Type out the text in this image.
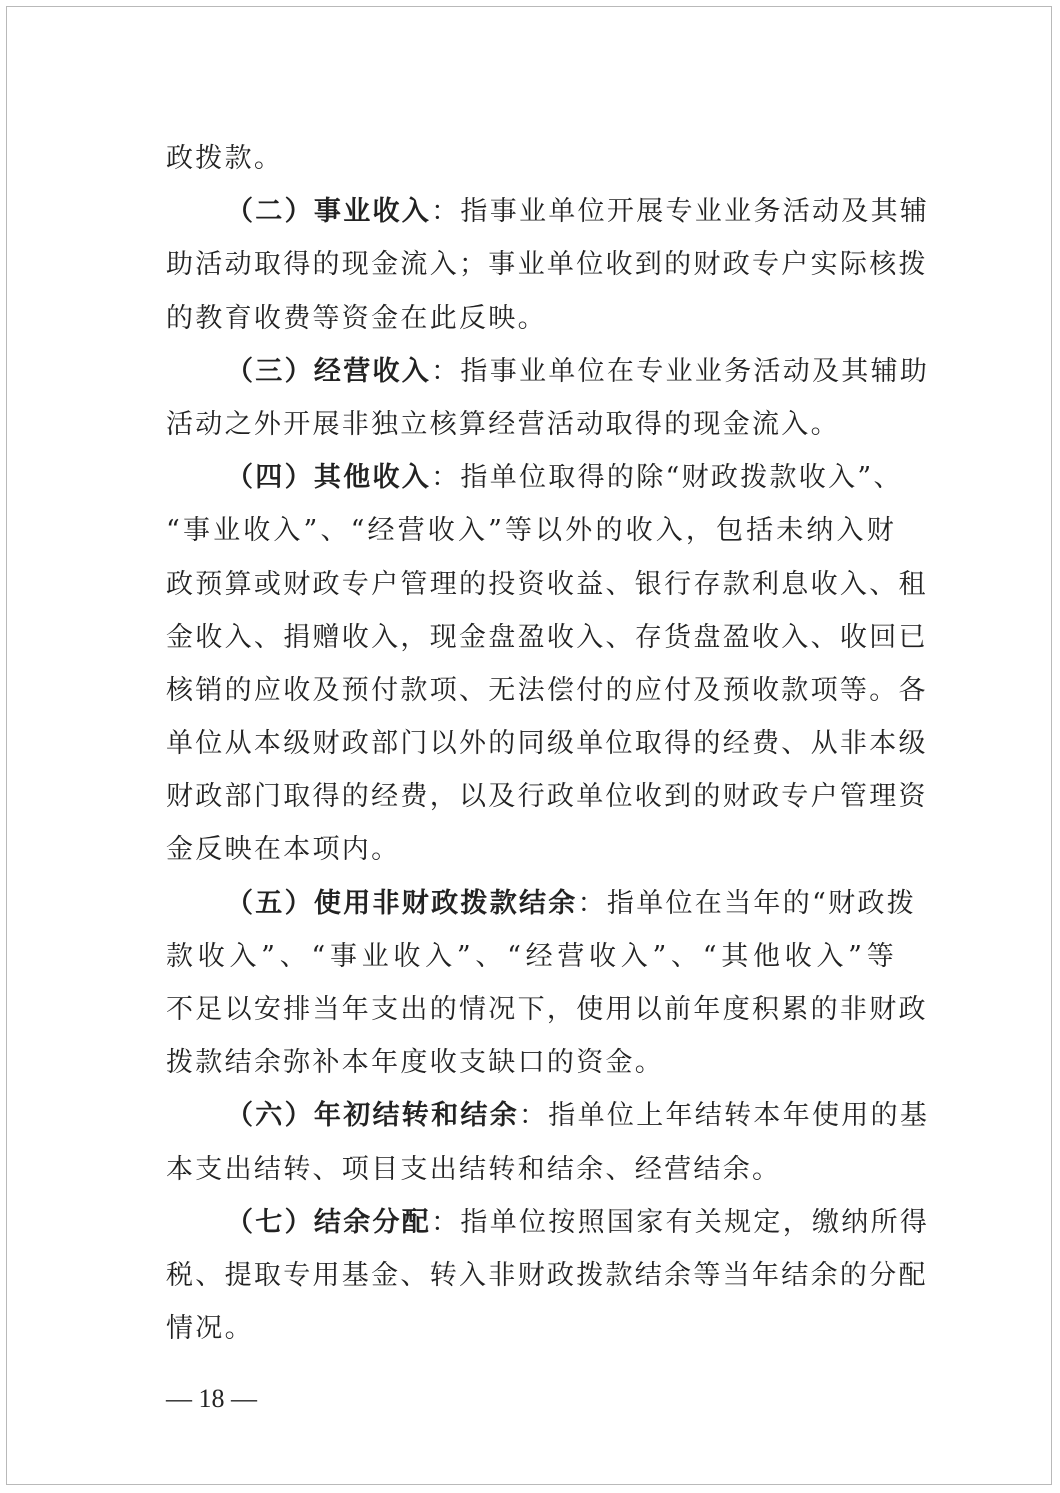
政拨款。
（二）事业收入：指事业单位开展专业业务活动及其辅
助活动取得的现金流入；事业单位收到的财政专户实际核拨
的教育收费等资金在此反映。
（三）经营收入：指事业单位在专业业务活动及其辅助
活动之外开展非独立核算经营活动取得的现金流入。
（四）其他收入：指单位取得的除“财政拨款收入”、
“事业收入”、“经营收入”等以外的收入，包括未纳入财
政预算或财政专户管理的投资收益、银行存款利息收入、租
金收入、捐赠收入，现金盘盈收入、存货盘盈收入、收回已
核销的应收及预付款项、无法偿付的应付及预收款项等。各
单位从本级财政部门以外的同级单位取得的经费、从非本级
财政部门取得的经费，以及行政单位收到的财政专户管理资
金反映在本项内。
（五）使用非财政拨款结余：指单位在当年的“财政拨
款收入”、“事业收入”、“经营收入”、“其他收入”等
不足以安排当年支出的情况下，使用以前年度积累的非财政
拨款结余弥补本年度收支缺口的资金。
（六）年初结转和结余：指单位上年结转本年使用的基
本支出结转、项目支出结转和结余、经营结余。
（七）结余分配：指单位按照国家有关规定，缴纳所得
税、提取专用基金、转入非财政拨款结余等当年结余的分配
情况。
— 18 —
